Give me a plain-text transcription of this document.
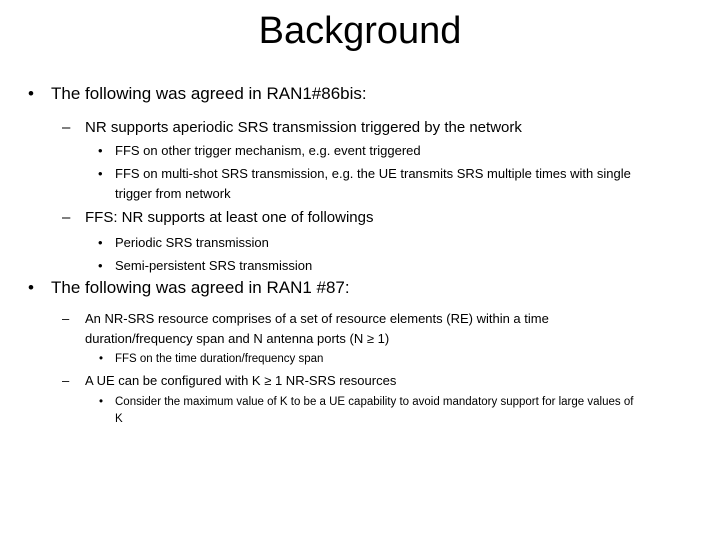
Background
• The following was agreed in RAN1#86bis:
– NR supports aperiodic SRS transmission triggered by the network
• FFS on other trigger mechanism, e.g. event triggered
• FFS on multi-shot SRS transmission, e.g. the UE transmits SRS multiple times with single
trigger from network
– FFS: NR supports at least one of followings
• Periodic SRS transmission
• Semi-persistent SRS transmission
• The following was agreed in RAN1 #87:
– An NR-SRS resource comprises of a set of resource elements (RE) within a time
duration/frequency span and N antenna ports (N ≥ 1)
• FFS on the time duration/frequency span
– A UE can be configured with K ≥ 1 NR-SRS resources
• Consider the maximum value of K to be a UE capability to avoid mandatory support for large values of
K
